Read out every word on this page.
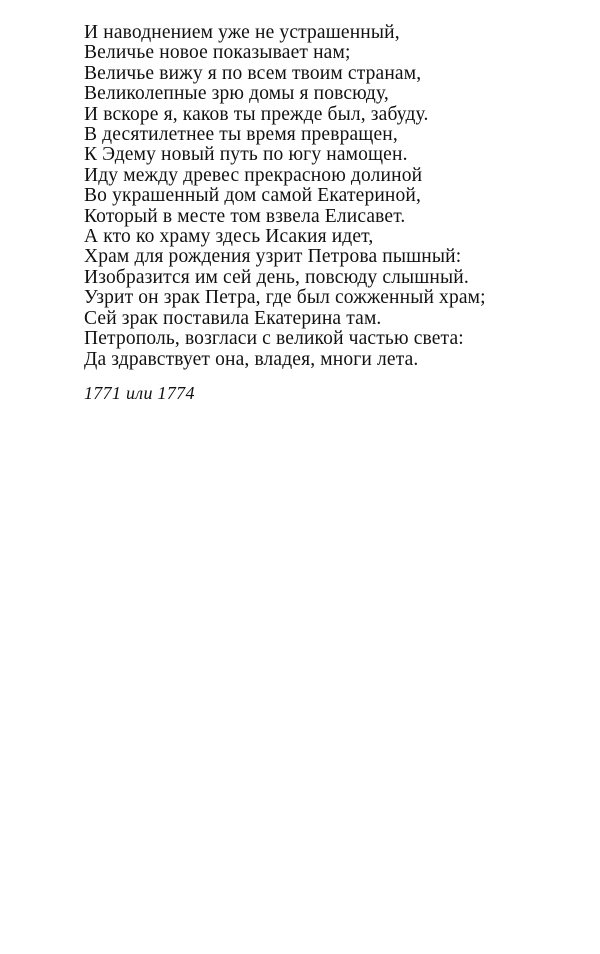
И наводнением уже не устрашенный,
Величье новое показывает нам;
Величье вижу я по всем твоим странам,
Великолепные зрю домы я повсюду,
И вскоре я, каков ты прежде был, забуду.
В десятилетнее ты время превращен,
К Эдему новый путь по югу намощен.
Иду между древес прекрасною долиной
Во украшенный дом самой Екатериной,
Который в месте том взвела Елисавет.
А кто ко храму здесь Исакия идет,
Храм для рождения узрит Петрова пышный:
Изобразится им сей день, повсюду слышный.
Узрит он зрак Петра, где был сожженный храм;
Сей зрак поставила Екатерина там.
Петрополь, возгласи с великой частью света:
Да здравствует она, владея, многи лета.

1771 или 1774
